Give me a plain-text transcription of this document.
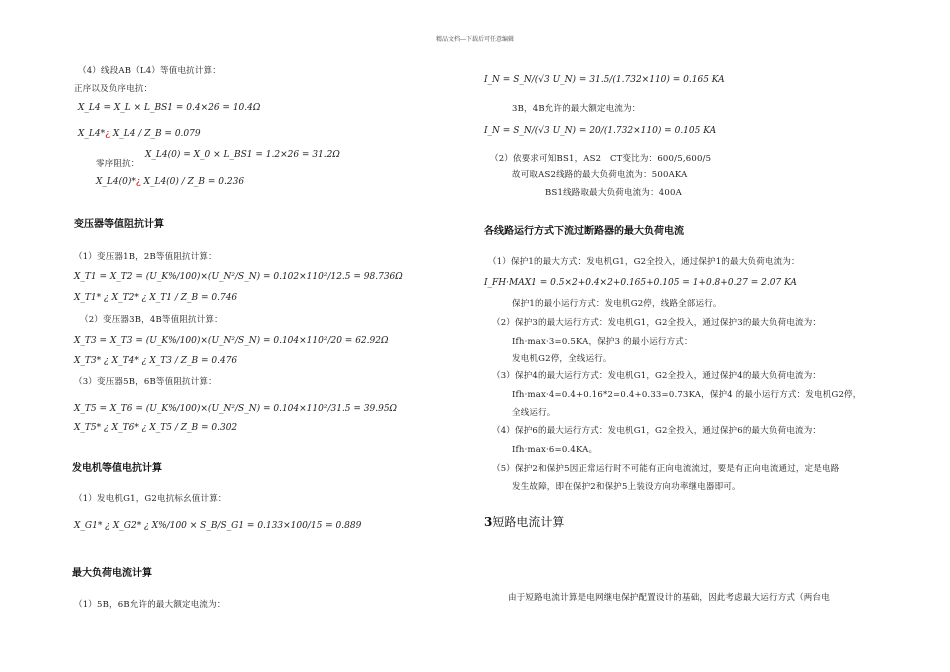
精品文档---下载后可任意编辑
（4）线段AB（L4）等值电抗计算：
正序以及负序电抗：
X_L4 = X_L × L_BS1 = 0.4×26 = 10.4Ω
X_L4*¿ X_L4 / Z_B = 0.079
X_L4(0) = X_0 × L_BS1 = 1.2×26 = 31.2Ω
零序阻抗：
X_L4(0)*¿ X_L4(0) / Z_B = 0.236
变压器等值阻抗计算
（1）变压器1B，2B等值阻抗计算：
X_T1 = X_T2 = (U_K%/100)×(U_N²/S_N) = 0.102×110²/12.5 = 98.736Ω
X_T1* ¿ X_T2* ¿ X_T1 / Z_B = 0.746
（2）变压器3B，4B等值阻抗计算：
X_T3 = X_T3 = (U_K%/100)×(U_N²/S_N) = 0.104×110²/20 = 62.92Ω
X_T3* ¿ X_T4* ¿ X_T3 / Z_B = 0.476
（3）变压器5B，6B等值阻抗计算：
X_T5 = X_T6 = (U_K%/100)×(U_N²/S_N) = 0.104×110²/31.5 = 39.95Ω
X_T5* ¿ X_T6* ¿ X_T5 / Z_B = 0.302
发电机等值电抗计算
（1）发电机G1，G2电抗标幺值计算：
X_G1* ¿ X_G2* ¿ X%/100 × S_B/S_G1 = 0.133×100/15 = 0.889
最大负荷电流计算
（1）5B，6B允许的最大额定电流为：
I_N = S_N/(√3 U_N) = 31.5/(1.732×110) = 0.165 KA
3B，4B允许的最大额定电流为：
I_N = S_N/(√3 U_N) = 20/(1.732×110) = 0.105 KA
（2）依要求可知BS1，AS2　CT变比为：600/5,600/5
故可取AS2线路的最大负荷电流为：500AKA
BS1线路取最大负荷电流为：400A
各线路运行方式下流过断路器的最大负荷电流
（1）保护1的最大方式：发电机G1，G2全投入，通过保护1的最大负荷电流为：
I_FH·MAX1 = 0.5×2+0.4×2+0.165+0.105 = 1+0.8+0.27 = 2.07 KA
保护1的最小运行方式：发电机G2停，线路全部运行。
（2）保护3的最大运行方式：发电机G1，G2全投入，通过保护3的最大负荷电流为：
Ifh·max·3=0.5KA，保护3 的最小运行方式：
发电机G2停，全线运行。
（3）保护4的最大运行方式：发电机G1，G2全投入，通过保护4的最大负荷电流为：
Ifh·max·4=0.4+0.16*2=0.4+0.33=0.73KA，保护4 的最小运行方式：发电机G2停，
全线运行。
（4）保护6的最大运行方式：发电机G1，G2全投入，通过保护6的最大负荷电流为：
Ifh·max·6=0.4KA。
（5）保护2和保护5因正常运行时不可能有正向电流流过，要是有正向电流通过，定是电路
发生故障，即在保护2和保护5上装设方向功率继电器即可。
3短路电流计算
由于短路电流计算是电网继电保护配置设计的基础，因此考虑最大运行方式（两台电
